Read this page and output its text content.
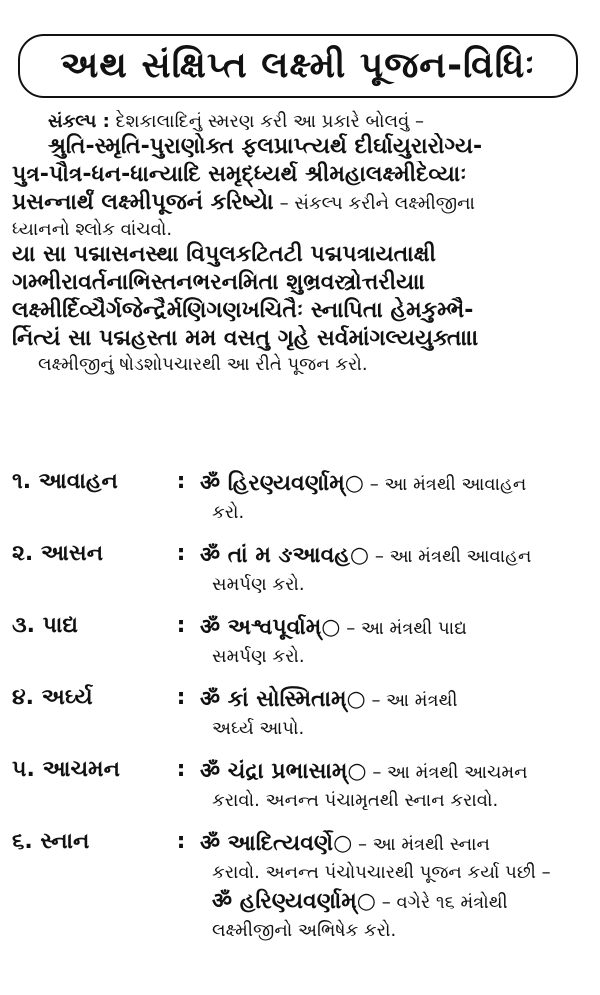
અથ સંક્ષિપ્ત લક્ષ્મી પૂજન-વિધિઃ
સંકલ્પ : દેશકાલાદિનું સ્મરણ કરી આ પ્રકારે બોલવું –
શ્રુતિ-સ્મૃતિ-પુરાણોક્ત ફલપ્રાપ્ત્યર્થ દીર્ઘાયુરારોગ્ય-
પુત્ર-પૌત્ર-ધન-ધાન્યાદિ સમૃદ્ધ્યર્થ શ્રીમહાલક્ષ્મીદેવ્યાઃ
પ્રસન્નાર્થં લક્ષ્મીપૂજનં કરિષ્યે। – સંકલ્પ કરીને લક્ષ્મીજીના
ધ્યાનનો શ્લોક વાંચવો.
યા સા પદ્માસનસ્થા વિપુલકટિતટી પદ્મપત્રાયતાક્ષી
ગમ્ભીરાવર્તનાભિસ્તનભરનમિતા શુભ્રવસ્ત્રોત્તરીયા।
લક્ષ્મીર્દિવ્યૈર્ગજેન્દ્રૈર્મણિગણખચિતૈઃ સ્નાપિતા હેમકુમ્ભૈ-
ર્નિત્યં સા પદ્મહસ્તા મમ વસતુ ગૃહે સર્વમાંગલ્યયુક્તા।।
લક્ષ્મીજીનું ષોડશોપચારથી આ રીતે પૂજન કરો.
૧. આવાહન	: ॐ હિરણ્યવર્ણામ્○ – આ મંત્રથી આવાહન
કરો.
૨. આસન	: ॐ તાં મ ઙઆવહ○ – આ મંત્રથી આવાહન
સમર્પણ કરો.
૩. પાદ્ય	: ॐ અશ્વપૂર્વામ્○ – આ મંત્રથી પાદ્ય
સમર્પણ કરો.
૪. અર્ઘ્ય	: ॐ કાં સોસ્મિતામ્○ – આ મંત્રથી
અર્ઘ્ય આપો.
૫. આચમન	: ॐ ચંદ્રા પ્રભાસામ્○ – આ મંત્રથી આચમન
કરાવો. અનન્ત પંચામૃતથી સ્નાન કરાવો.
૬. સ્નાન	: ॐ આદિત્યવર્ણે○ – આ મંત્રથી સ્નાન
કરાવો. અનન્ત પંચોપચારથી પૂજન કર્યા પછી –
ॐ હરિણ્યવર્ણામ્○ – વગેરે ૧૬ મંત્રોથી
લક્ષ્મીજીનો અભિષેક કરો.
